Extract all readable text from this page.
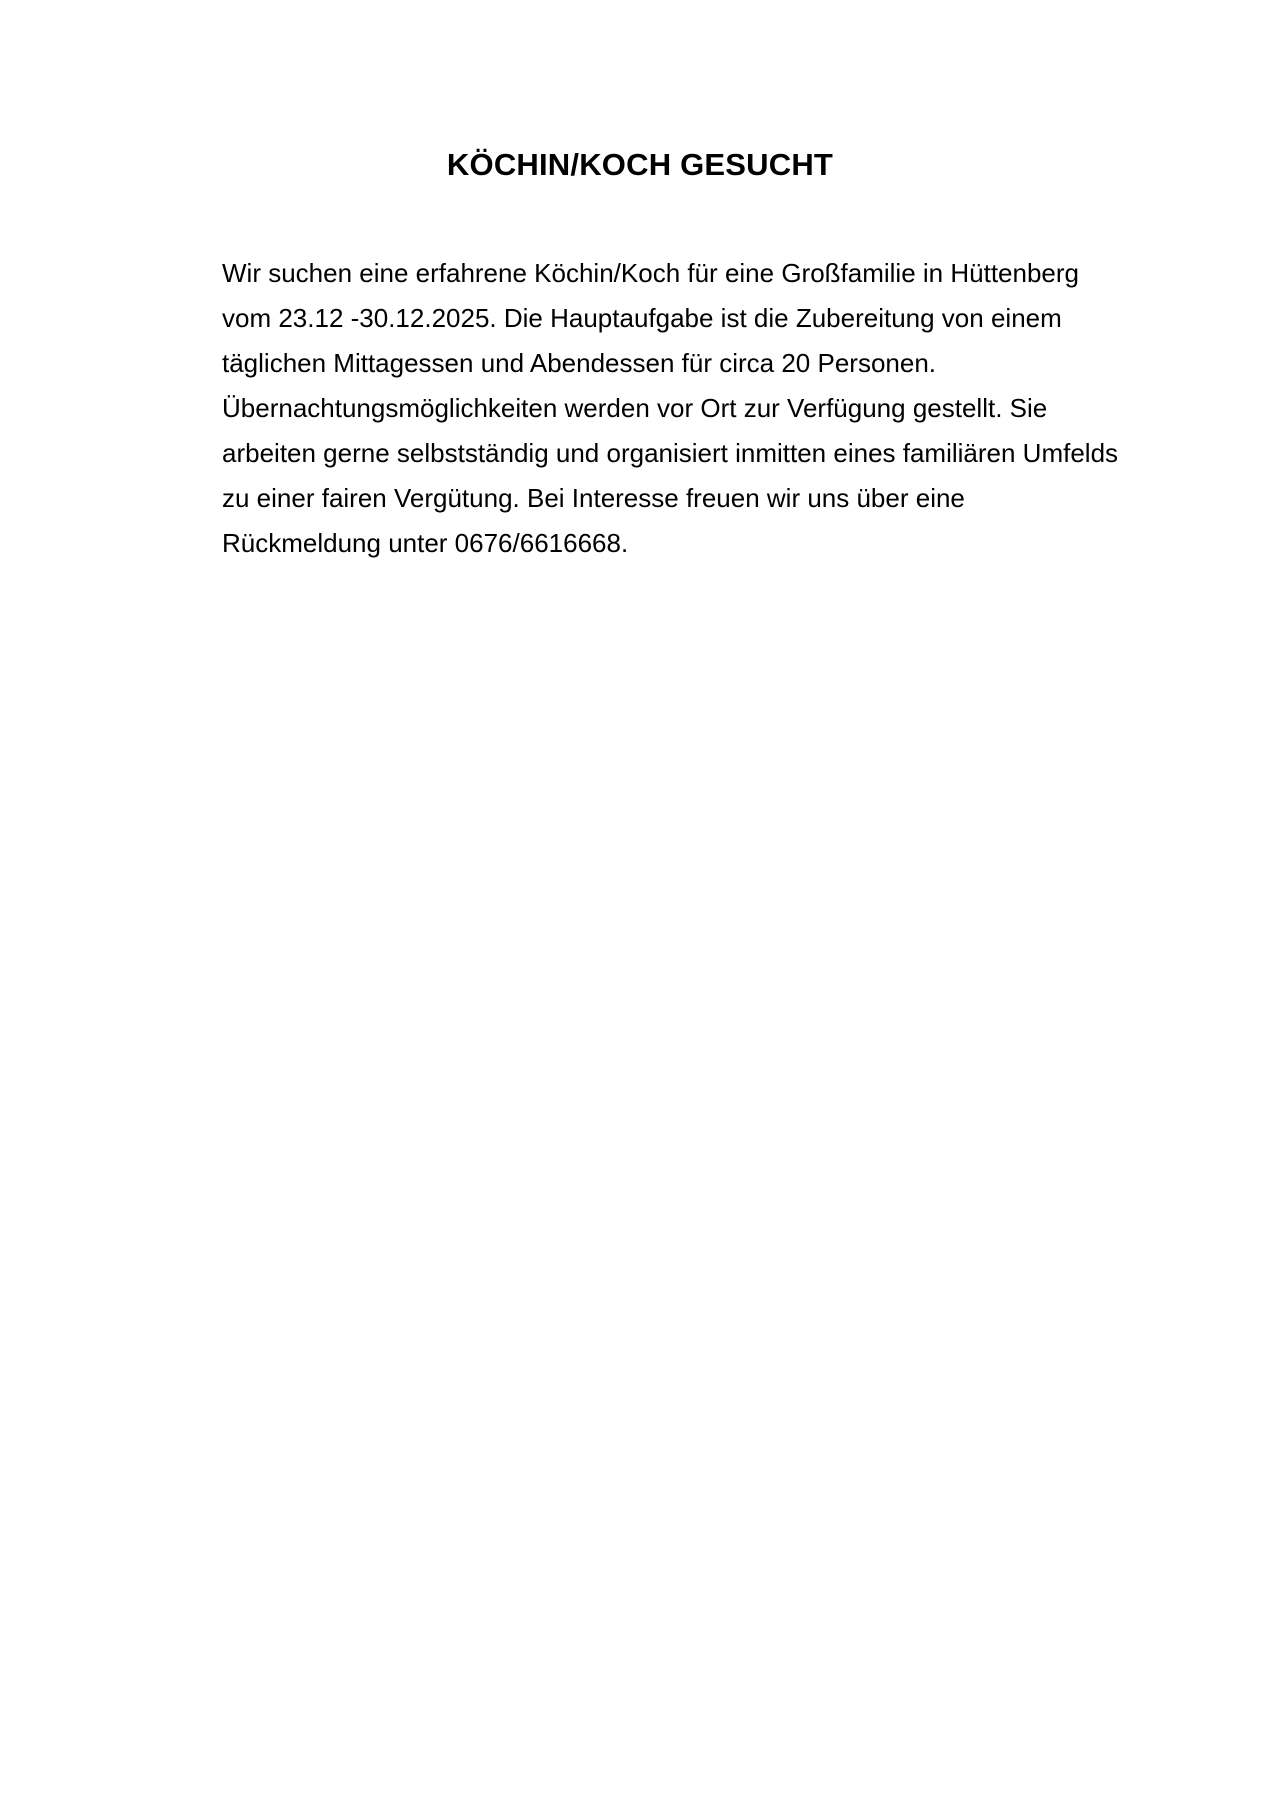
KÖCHIN/KOCH GESUCHT
Wir suchen eine erfahrene Köchin/Koch für eine Großfamilie in Hüttenberg
vom 23.12 -30.12.2025. Die Hauptaufgabe ist die Zubereitung von einem
täglichen Mittagessen und Abendessen für circa 20 Personen.
Übernachtungsmöglichkeiten werden vor Ort zur Verfügung gestellt. Sie
arbeiten gerne selbstständig und organisiert inmitten eines familiären Umfelds
zu einer fairen Vergütung. Bei Interesse freuen wir uns über eine
Rückmeldung unter 0676/6616668.
